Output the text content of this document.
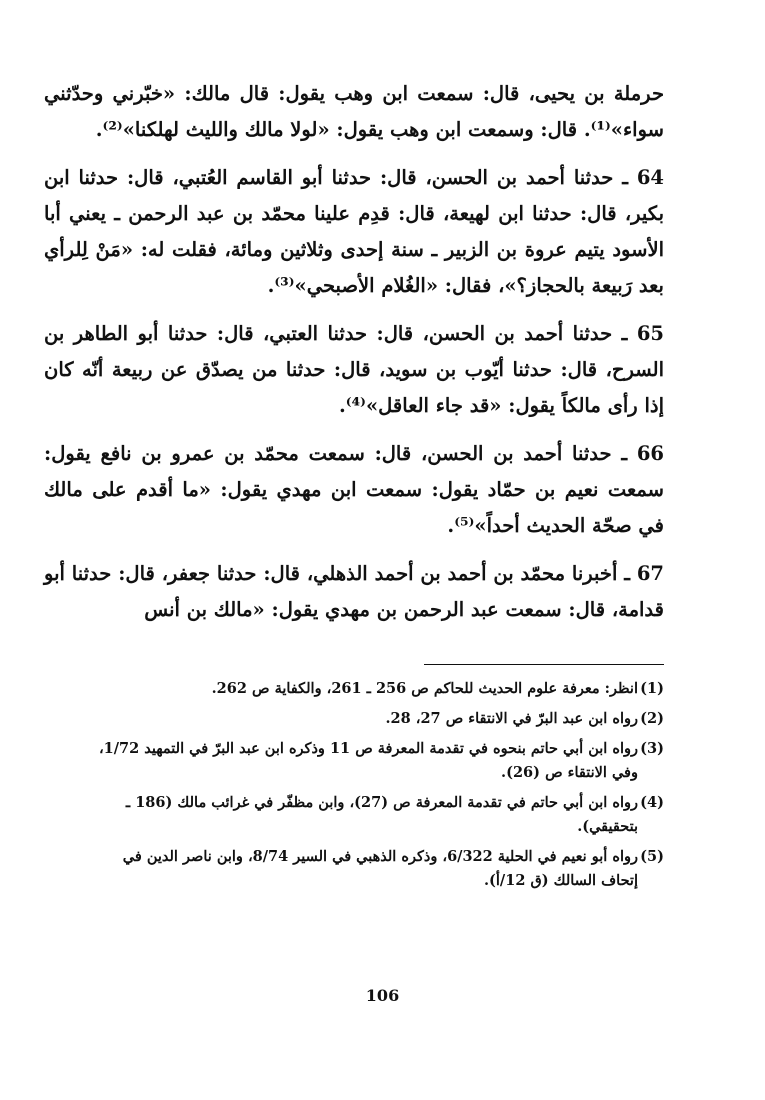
حرملة بن يحيى، قال: سمعت ابن وهب يقول: قال مالك: «خبّرني وحدّثني سواء»⁽¹⁾. قال: وسمعت ابن وهب يقول: «لولا مالك والليث لهلكنا»⁽²⁾.

64 ـ حدثنا أحمد بن الحسن، قال: حدثنا أبو القاسم العُتبي، قال: حدثنا ابن بكير، قال: حدثنا ابن لهيعة، قال: قدِم علينا محمّد بن عبد الرحمن ـ يعني أبا الأسود يتيم عروة بن الزبير ـ سنة إحدى وثلاثين ومائة، فقلت له: «مَنْ لِلرأي بعد رَبيعة بالحجاز؟»، فقال: «الغُلام الأصبحي»⁽³⁾.

65 ـ حدثنا أحمد بن الحسن، قال: حدثنا العتبي، قال: حدثنا أبو الطاهر بن السرح، قال: حدثنا أيّوب بن سويد، قال: حدثنا من يصدّق عن ربيعة أنّه كان إذا رأى مالكاً يقول: «قد جاء العاقل»⁽⁴⁾.

66 ـ حدثنا أحمد بن الحسن، قال: سمعت محمّد بن عمرو بن نافع يقول: سمعت نعيم بن حمّاد يقول: سمعت ابن مهدي يقول: «ما أقدم على مالك في صحّة الحديث أحداً»⁽⁵⁾.

67 ـ أخبرنا محمّد بن أحمد بن أحمد الذهلي، قال: حدثنا جعفر، قال: حدثنا أبو قدامة، قال: سمعت عبد الرحمن بن مهدي يقول: «مالك بن أنس

(1)
انظر: معرفة علوم الحديث للحاكم ص 256 ـ 261، والكفاية ص 262.
(2)
رواه ابن عبد البرّ في الانتقاء ص 27، 28.
(3)
رواه ابن أبي حاتم بنحوه في تقدمة المعرفة ص 11 وذكره ابن عبد البرّ في التمهيد 1/72،
وفي الانتقاء ص (26).
(4)
رواه ابن أبي حاتم في تقدمة المعرفة ص (27)، وابن مظفّر في غرائب مالك (186 ـ
بتحقيقي).
(5)
رواه أبو نعيم في الحلية 6/322، وذكره الذهبي في السير 8/74، وابن ناصر الدين في
إتحاف السالك (ق 12/أ).
106
